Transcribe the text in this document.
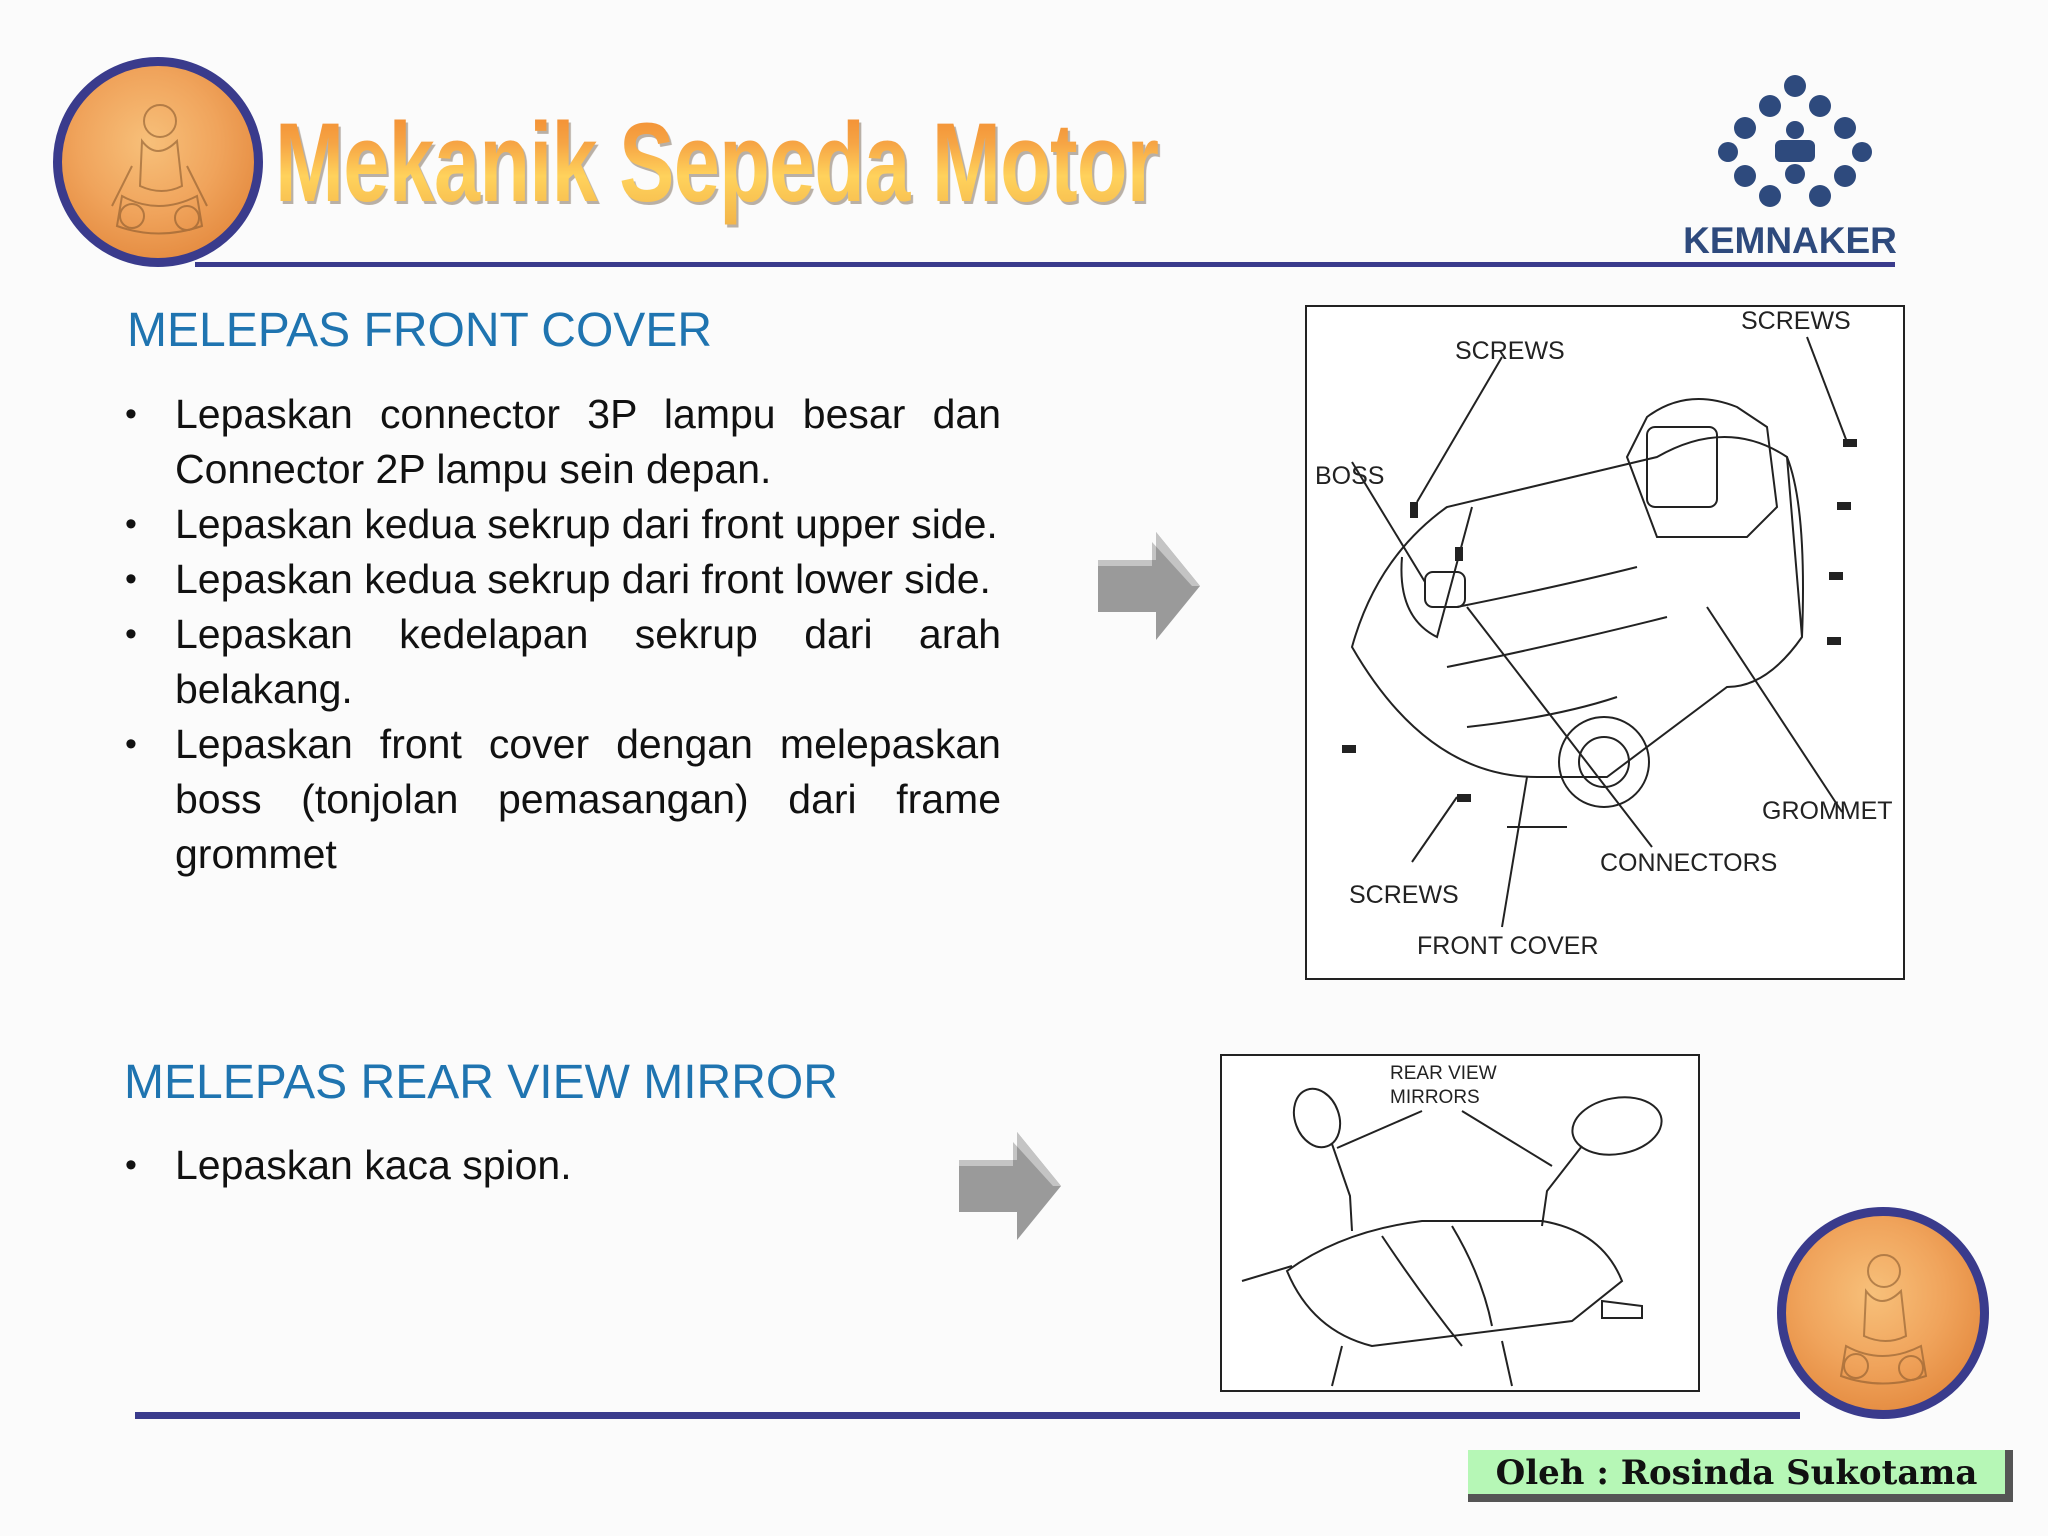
Mekanik Sepeda Motor
KEMNAKER
MELEPAS FRONT COVER
• Lepaskan connector 3P lampu besar dan Connector 2P lampu sein depan.
• Lepaskan kedua sekrup dari front upper side.
• Lepaskan kedua sekrup dari front lower side.
• Lepaskan kedelapan sekrup dari arah belakang.
• Lepaskan front cover dengan melepaskan boss (tonjolan pemasangan) dari frame grommet
SCREWS
SCREWS
BOSS
GROMMET
CONNECTORS
SCREWS
FRONT COVER
MELEPAS REAR VIEW MIRROR
• Lepaskan kaca spion.
REAR VIEW
MIRRORS
Oleh : Rosinda Sukotama
